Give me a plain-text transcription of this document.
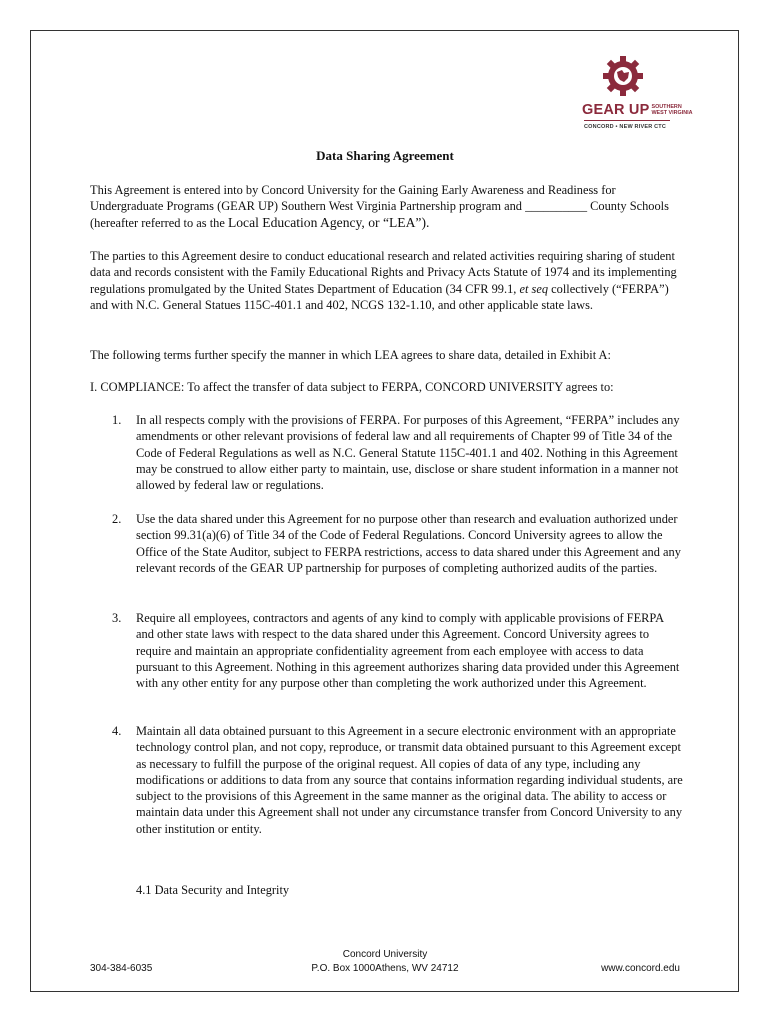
GEAR UP SOUTHERN
WEST VIRGINIA
CONCORD • NEW RIVER CTC
Data Sharing Agreement

This Agreement is entered into by Concord University for the Gaining Early Awareness and Readiness for Undergraduate Programs (GEAR UP) Southern West Virginia Partnership program and __________ County Schools (hereafter referred to as the Local Education Agency, or “LEA”).

The parties to this Agreement desire to conduct educational research and related activities requiring sharing of student data and records consistent with the Family Educational Rights and Privacy Acts Statute of 1974 and its implementing regulations promulgated by the United States Department of Education (34 CFR 99.1, et seq collectively (“FERPA”) and with N.C. General Statues 115C-401.1 and 402, NCGS 132-1.10, and other applicable state laws.

The following terms further specify the manner in which LEA agrees to share data, detailed in Exhibit A:

I. COMPLIANCE: To affect the transfer of data subject to FERPA, CONCORD UNIVERSITY agrees to:

1. In all respects comply with the provisions of FERPA. For purposes of this Agreement, “FERPA” includes any amendments or other relevant provisions of federal law and all requirements of Chapter 99 of Title 34 of the Code of Federal Regulations as well as N.C. General Statute 115C-401.1 and 402. Nothing in this Agreement may be construed to allow either party to maintain, use, disclose or share student information in a manner not allowed by federal law or regulations.
2. Use the data shared under this Agreement for no purpose other than research and evaluation authorized under section 99.31(a)(6) of Title 34 of the Code of Federal Regulations. Concord University agrees to allow the Office of the State Auditor, subject to FERPA restrictions, access to data shared under this Agreement and any relevant records of the GEAR UP partnership for purposes of completing authorized audits of the parties.
3. Require all employees, contractors and agents of any kind to comply with applicable provisions of FERPA and other state laws with respect to the data shared under this Agreement. Concord University agrees to require and maintain an appropriate confidentiality agreement from each employee with access to data pursuant to this Agreement. Nothing in this agreement authorizes sharing data provided under this Agreement with any other entity for any purpose other than completing the work authorized under this Agreement.
4. Maintain all data obtained pursuant to this Agreement in a secure electronic environment with an appropriate technology control plan, and not copy, reproduce, or transmit data obtained pursuant to this Agreement except as necessary to fulfill the purpose of the original request. All copies of data of any type, including any modifications or additions to data from any source that contains information regarding individual students, are subject to the provisions of this Agreement in the same manner as the original data. The ability to access or maintain data under this Agreement shall not under any circumstance transfer from Concord University to any other institution or entity.
4.1 Data Security and Integrity
304-384-6035
Concord University
P.O. Box 1000Athens, WV 24712	www.concord.edu
